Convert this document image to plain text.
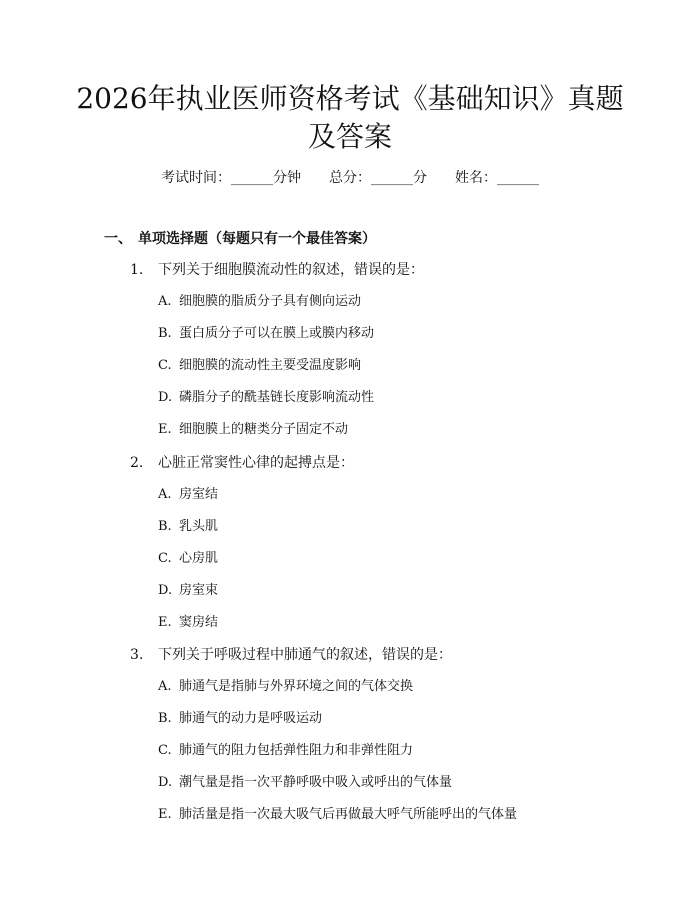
2026年执业医师资格考试《基础知识》真题
及答案
考试时间：______分钟 总分：______分 姓名：______
一、 单项选择题（每题只有一个最佳答案）
1. 下列关于细胞膜流动性的叙述，错误的是：
A. 细胞膜的脂质分子具有侧向运动
B. 蛋白质分子可以在膜上或膜内移动
C. 细胞膜的流动性主要受温度影响
D. 磷脂分子的酰基链长度影响流动性
E. 细胞膜上的糖类分子固定不动
2. 心脏正常窦性心律的起搏点是：
A. 房室结
B. 乳头肌
C. 心房肌
D. 房室束
E. 窦房结
3. 下列关于呼吸过程中肺通气的叙述，错误的是：
A. 肺通气是指肺与外界环境之间的气体交换
B. 肺通气的动力是呼吸运动
C. 肺通气的阻力包括弹性阻力和非弹性阻力
D. 潮气量是指一次平静呼吸中吸入或呼出的气体量
E. 肺活量是指一次最大吸气后再做最大呼气所能呼出的气体量
